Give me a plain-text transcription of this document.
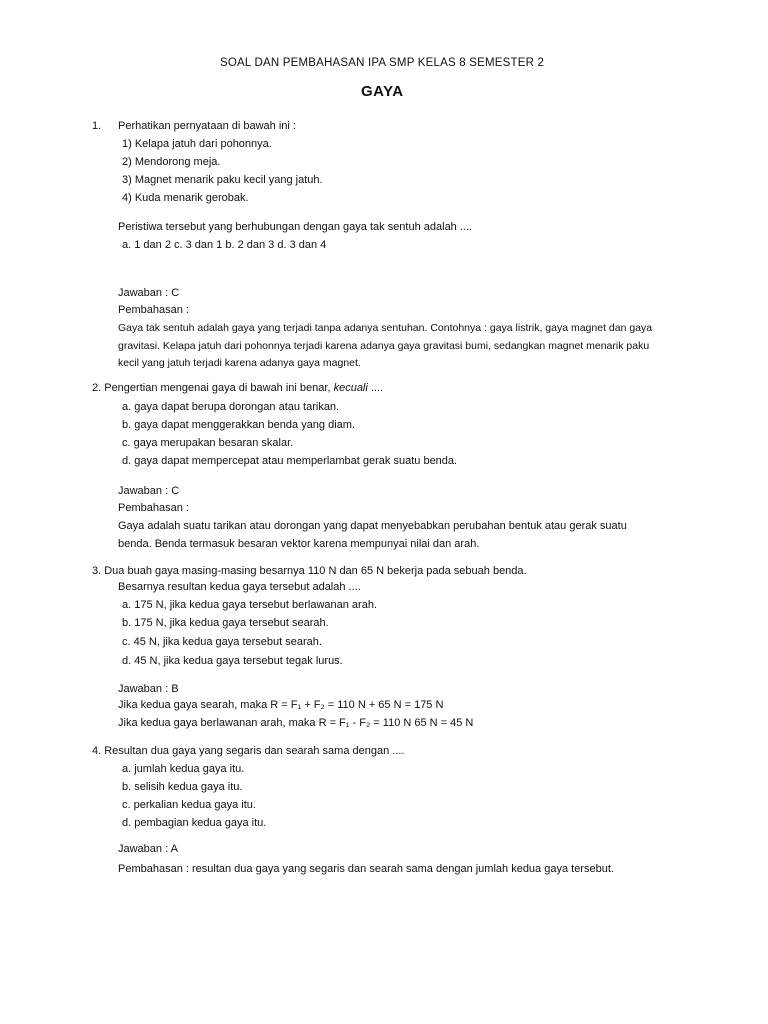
SOAL DAN PEMBAHASAN IPA SMP KELAS 8 SEMESTER 2
GAYA
1. Perhatikan pernyataan di bawah ini :
1) Kelapa jatuh dari pohonnya.
2) Mendorong meja.
3) Magnet menarik paku kecil yang jatuh.
4) Kuda menarik gerobak.
Peristiwa tersebut yang berhubungan dengan gaya tak sentuh adalah ....
a. 1 dan 2 c. 3 dan 1 b. 2 dan 3 d. 3 dan 4
Jawaban : C
Pembahasan :
Gaya tak sentuh adalah gaya yang terjadi tanpa adanya sentuhan. Contohnya : gaya listrik, gaya magnet dan gaya gravitasi. Kelapa jatuh dari pohonnya terjadi karena adanya gaya gravitasi bumi, sedangkan magnet menarik paku kecil yang jatuh terjadi karena adanya gaya magnet.
2. Pengertian mengenai gaya di bawah ini benar, kecuali ....
a. gaya dapat berupa dorongan atau tarikan.
b. gaya dapat menggerakkan benda yang diam.
c. gaya merupakan besaran skalar.
d. gaya dapat mempercepat atau memperlambat gerak suatu benda.
Jawaban : C
Pembahasan :
Gaya adalah suatu tarikan atau dorongan yang dapat menyebabkan perubahan bentuk atau gerak suatu benda. Benda termasuk besaran vektor karena mempunyai nilai dan arah.
3. Dua buah gaya masing-masing besarnya 110 N dan 65 N bekerja pada sebuah benda.
Besarnya resultan kedua gaya tersebut adalah ....
a. 175 N, jika kedua gaya tersebut berlawanan arah.
b. 175 N, jika kedua gaya tersebut searah.
c. 45 N, jika kedua gaya tersebut searah.
d. 45 N, jika kedua gaya tersebut tegak lurus.
Jawaban : B
Jika kedua gaya searah, maka R = F₁ + F₂ = 110 N + 65 N = 175 N
Jika kedua gaya berlawanan arah, maka R = F₁ - F₂ = 110 N 65 N = 45 N
4. Resultan dua gaya yang segaris dan searah sama dengan ....
a. jumlah kedua gaya itu.
b. selisih kedua gaya itu.
c. perkalian kedua gaya itu.
d. pembagian kedua gaya itu.
Jawaban : A
Pembahasan : resultan dua gaya yang segaris dan searah sama dengan jumlah kedua gaya tersebut.
